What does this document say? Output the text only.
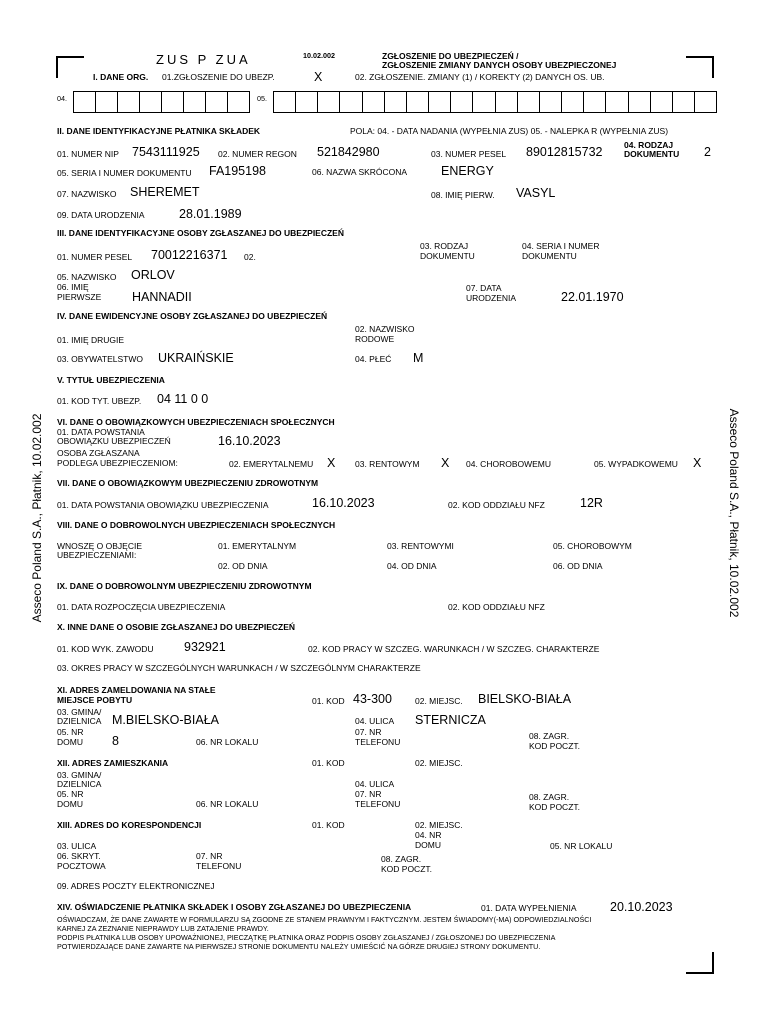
Asseco Poland S.A., Płatnik, 10.02.002	Asseco Poland S.A., Płatnik, 10.02.002
ZUS P ZUA	10.02.002	ZGŁOSZENIE DO UBEZPIECZEŃ /
ZGŁOSZENIE ZMIANY DANYCH OSOBY UBEZPIECZONEJ
I. DANE ORG. 01.ZGŁOSZENIE DO UBEZP.	X	02. ZGŁOSZENIE. ZMIANY (1) / KOREKTY (2) DANYCH OS. UB.
04.	05.
II. DANE IDENTYFIKACYJNE PŁATNIKA SKŁADEK	POLA: 04. - DATA NADANIA (WYPEŁNIA ZUS) 05. - NALEPKA R (WYPEŁNIA ZUS)
01. NUMER NIP 7543111925 02. NUMER REGON 521842980	03. NUMER PESEL 89012815732	04. RODZAJ
DOKUMENTU 2
05. SERIA I NUMER DOKUMENTU FA195198	06. NAZWA SKRÓCONA	ENERGY
07. NAZWISKO SHEREMET	08. IMIĘ PIERW. VASYL
09. DATA URODZENIA	28.01.1989
III. DANE IDENTYFIKACYJNE OSOBY ZGŁASZANEJ DO UBEZPIECZEŃ
03. RODZAJ
DOKUMENTU
04. SERIA I NUMER
DOKUMENTU
01. NUMER PESEL 70012216371 02.
05. NAZWISKO ORLOV
06. IMIĘ
PIERWSZE HANNADII
07. DATA
URODZENIA	22.01.1970
IV. DANE EWIDENCYJNE OSOBY ZGŁASZANEJ DO UBEZPIECZEŃ
01. IMIĘ DRUGIE
02. NAZWISKO
RODOWE
03. OBYWATELSTWO UKRAIŃSKIE	04. PŁEĆ M
V. TYTUŁ UBEZPIECZENIA
01. KOD TYT. UBEZP. 04 11 0 0
VI. DANE O OBOWIĄZKOWYCH UBEZPIECZENIACH SPOŁECZNYCH
01. DATA POWSTANIA
OBOWIĄZKU UBEZPIECZEŃ	16.10.2023
OSOBA ZGŁASZANA
PODLEGA UBEZPIECZENIOM:	02. EMERYTALNEMU X 03. RENTOWYM X 04. CHOROBOWEMU	05. WYPADKOWEMU X
VII. DANE O OBOWIĄZKOWYM UBEZPIECZENIU ZDROWOTNYM
01. DATA POWSTANIA OBOWIĄZKU UBEZPIECZENIA	16.10.2023	02. KOD ODDZIAŁU NFZ	12R
VIII. DANE O DOBROWOLNYCH UBEZPIECZENIACH SPOŁECZNYCH
WNOSZĘ O OBJĘCIE
UBEZPIECZENIAMI:
01. EMERYTALNYM	03. RENTOWYMI	05. CHOROBOWYM
02. OD DNIA	04. OD DNIA	06. OD DNIA
IX. DANE O DOBROWOLNYM UBEZPIECZENIU ZDROWOTNYM
01. DATA ROZPOCZĘCIA UBEZPIECZENIA	02. KOD ODDZIAŁU NFZ
X. INNE DANE O OSOBIE ZGŁASZANEJ DO UBEZPIECZEŃ
01. KOD WYK. ZAWODU 932921	02. KOD PRACY W SZCZEG. WARUNKACH / W SZCZEG. CHARAKTERZE
03. OKRES PRACY W SZCZEGÓLNYCH WARUNKACH / W SZCZEGÓLNYM CHARAKTERZE
XI. ADRES ZAMELDOWANIA NA STAŁE
MIEJSCE POBYTU	01. KOD 43-300	02. MIEJSC. BIELSKO-BIAŁA
03. GMINA/
DZIELNICA M.BIELSKO-BIAŁA	04. ULICA STERNICZA
05. NR
DOMU 8	06. NR LOKALU
07. NR
TELEFONU
08. ZAGR.
KOD POCZT.
XII. ADRES ZAMIESZKANIA	01. KOD	02. MIEJSC.
03. GMINA/
DZIELNICA	04. ULICA
05. NR
DOMU	06. NR LOKALU
07. NR
TELEFONU
08. ZAGR.
KOD POCZT.
XIII. ADRES DO KORESPONDENCJI	01. KOD	02. MIEJSC.
04. NR
DOMU	05. NR LOKALU
03. ULICA
06. SKRYT.
POCZTOWA
07. NR
TELEFONU
08. ZAGR.
KOD POCZT.
09. ADRES POCZTY ELEKTRONICZNEJ
XIV. OŚWIADCZENIE PŁATNIKA SKŁADEK I OSOBY ZGŁASZANEJ DO UBEZPIECZENIA	01. DATA WYPEŁNIENIA	20.10.2023
OŚWIADCZAM, ŻE DANE ZAWARTE W FORMULARZU SĄ ZGODNE ZE STANEM PRAWNYM I FAKTYCZNYM. JESTEM ŚWIADOMY(-MA) ODPOWIEDZIALNOŚCI
KARNEJ ZA ZEZNANIE NIEPRAWDY LUB ZATAJENIE PRAWDY.
PODPIS PŁATNIKA LUB OSOBY UPOWAŻNIONEJ, PIECZĄTKĘ PŁATNIKA ORAZ PODPIS OSOBY ZGŁASZANEJ / ZGŁOSZONEJ DO UBEZPIECZENIA
POTWIERDZAJĄCE DANE ZAWARTE NA PIERWSZEJ STRONIE DOKUMENTU NALEŻY UMIEŚCIĆ NA GÓRZE DRUGIEJ STRONY DOKUMENTU.
